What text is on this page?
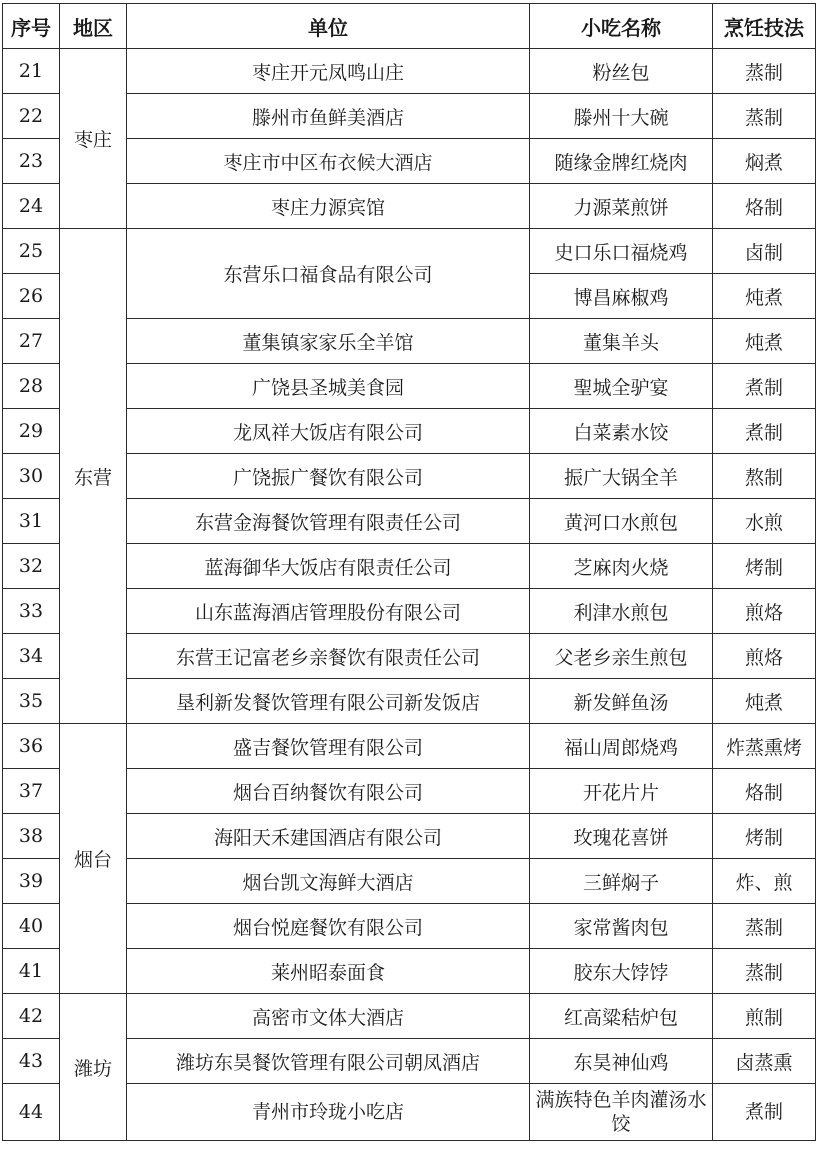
序号	地区	单位	小吃名称	烹饪技法
21	枣庄	枣庄开元凤鸣山庄	粉丝包	蒸制
22		滕州市鱼鲜美酒店	滕州十大碗	蒸制
23		枣庄市中区布衣候大酒店	随缘金牌红烧肉	焖煮
24		枣庄力源宾馆	力源菜煎饼	烙制
25	东营	东营乐口福食品有限公司	史口乐口福烧鸡	卤制
26			博昌麻椒鸡	炖煮
27		董集镇家家乐全羊馆	董集羊头	炖煮
28		广饶县圣城美食园	聖城全驴宴	煮制
29		龙凤祥大饭店有限公司	白菜素水饺	煮制
30		广饶振广餐饮有限公司	振广大锅全羊	熬制
31		东营金海餐饮管理有限责任公司	黄河口水煎包	水煎
32		蓝海御华大饭店有限责任公司	芝麻肉火烧	烤制
33		山东蓝海酒店管理股份有限公司	利津水煎包	煎烙
34		东营王记富老乡亲餐饮有限责任公司	父老乡亲生煎包	煎烙
35		垦利新发餐饮管理有限公司新发饭店	新发鲜鱼汤	炖煮
36	烟台	盛吉餐饮管理有限公司	福山周郎烧鸡	炸蒸熏烤
37		烟台百纳餐饮有限公司	开花片片	烙制
38		海阳天禾建国酒店有限公司	玫瑰花喜饼	烤制
39		烟台凯文海鲜大酒店	三鲜焖子	炸、煎
40		烟台悦庭餐饮有限公司	家常酱肉包	蒸制
41		莱州昭泰面食	胶东大饽饽	蒸制
42	潍坊	高密市文体大酒店	红高粱秸炉包	煎制
43		潍坊东昊餐饮管理有限公司朝凤酒店	东昊神仙鸡	卤蒸熏
44		青州市玲珑小吃店	满族特色羊肉灌汤水饺	煮制
